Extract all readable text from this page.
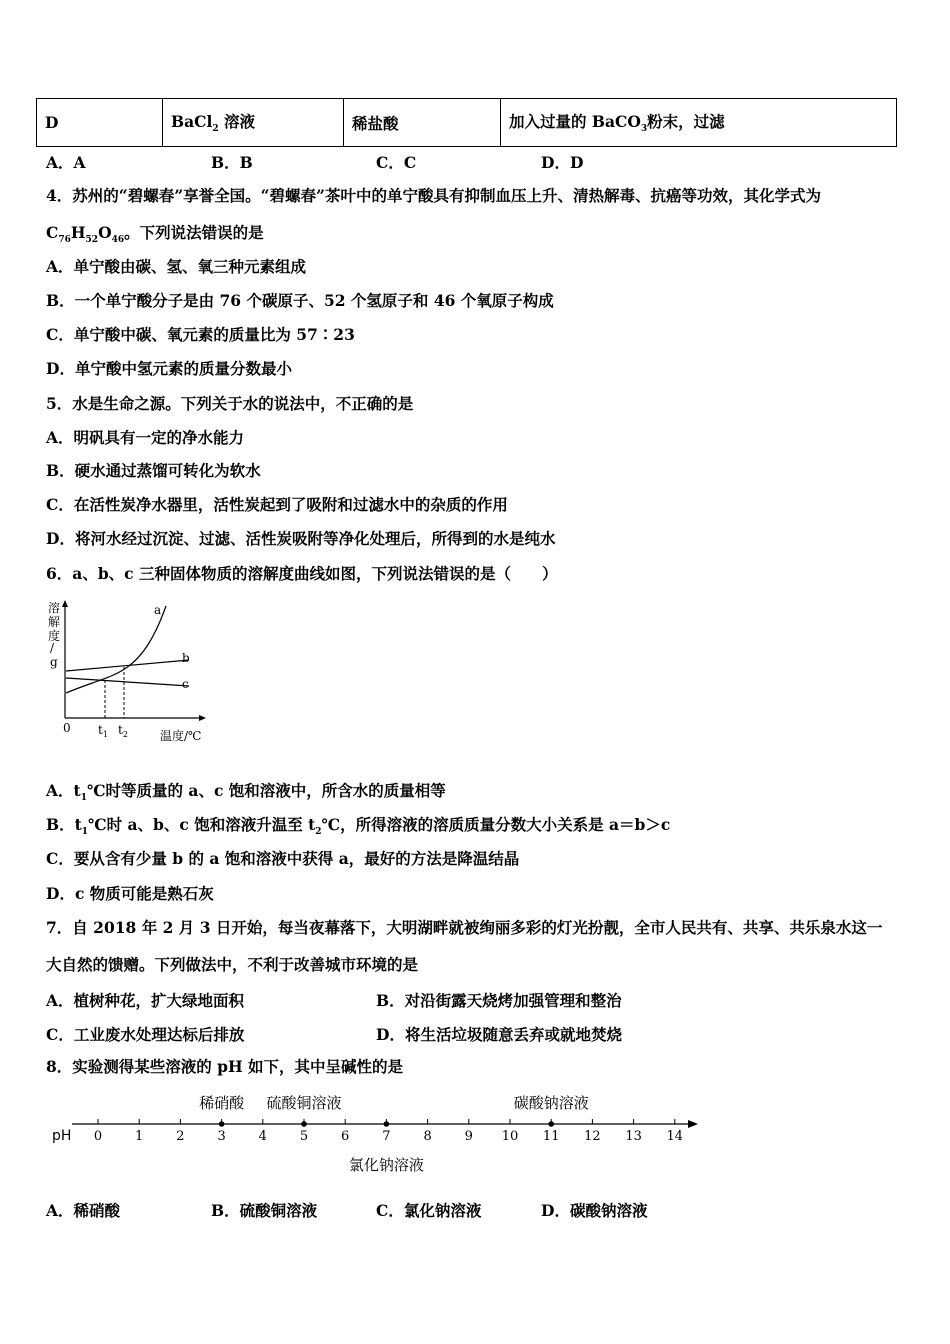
D	BaCl$_2$ 溶液	稀盐酸	加入过量的 BaCO$_3$粉末，过滤
A．A	B．B	C．C	D．D
4．苏州的“碧螺春”享誉全国。“碧螺春”茶叶中的单宁酸具有抑制血压上升、清热解毒、抗癌等功效，其化学式为
$C_{76}H_{52}O_{46}$。下列说法错误的是
A．单宁酸由碳、氢、氧三种元素组成
B．一个单宁酸分子是由 76 个碳原子、52 个氢原子和 46 个氧原子构成
C．单宁酸中碳、氧元素的质量比为 57∶23
D．单宁酸中氢元素的质量分数最小
5．水是生命之源。下列关于水的说法中，不正确的是
A．明矾具有一定的净水能力
B．硬水通过蒸馏可转化为软水
C．在活性炭净水器里，活性炭起到了吸附和过滤水中的杂质的作用
D．将河水经过沉淀、过滤、活性炭吸附等净化处理后，所得到的水是纯水
6．a、b、c 三种固体物质的溶解度曲线如图，下列说法错误的是（　　）
溶
解
度
/
g
0 $t_1$ $t_2$	温度/℃
a
b
c
A．$t_1℃$时等质量的 a、c 饱和溶液中，所含水的质量相等
B．$t_1℃$时 a、b、c 饱和溶液升温至 $t_2℃$，所得溶液的溶质质量分数大小关系是 a＝b＞c
C．要从含有少量 b 的 a 饱和溶液中获得 a，最好的方法是降温结晶
D．c 物质可能是熟石灰
7．自 2018 年 2 月 3 日开始，每当夜幕落下，大明湖畔就被绚丽多彩的灯光扮靓，全市人民共有、共享、共乐泉水这一
大自然的馈赠。下列做法中，不利于改善城市环境的是
A．植树种花，扩大绿地面积	B．对沿街露天烧烤加强管理和整治
C．工业废水处理达标后排放	D．将生活垃圾随意丢弃或就地焚烧
8．实验测得某些溶液的 pH 如下，其中呈碱性的是
pH 0	1	2	3	4	5	6	7	8	9 10 11 12 13 14
稀硝酸 硫酸铜溶液
氯化钠溶液
碳酸钠溶液
A．稀硝酸	B．硫酸铜溶液	C．氯化钠溶液	D．碳酸钠溶液
